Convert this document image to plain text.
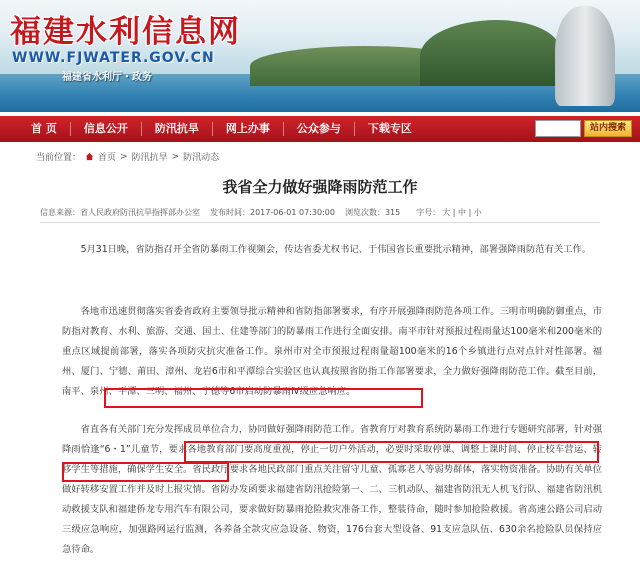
福建水利信息网
WWW.FJWATER.GOV.CN
福建省水利厅・政务
首 页	信息公开	防汛抗旱	网上办事	公众参与	下载专区	站内搜索
当前位置： 首页 > 防汛抗旱 > 防汛动态
我省全力做好强降雨防范工作
信息来源：省人民政府防汛抗旱指挥部办公室 发布时间：2017-06-01 07:30:00 浏览次数：315 字号： 大 | 中 | 小
5月31日晚，省防指召开全省防暴雨工作视频会，传达省委尤权书记、于伟国省长重要批示精神，部署强降雨防范有关工作。
各地市迅速贯彻落实省委省政府主要领导批示精神和省防指部署要求，有序开展强降雨防范各项工作。三明市明确防御重点，市防指对教育、水利、旅游、交通、国土、住建等部门的防暴雨工作进行全面安排。南平市针对预报过程雨量达100毫米和200毫米的重点区域提前部署，落实各项防灾抗灾准备工作。泉州市对全市预报过程雨量超100毫米的16个乡镇进行点对点针对性部署。福州、厦门、宁德、莆田、漳州、龙岩6市和平潭综合实验区也认真按照省防指工作部署要求，全力做好强降雨防范工作。截至目前，南平、泉州、平潭、三明、福州、宁德等6市启动防暴雨Ⅳ级应急响应。
省直各有关部门充分发挥成员单位合力，协同做好强降雨防范工作。省教育厅对教育系统防暴雨工作进行专题研究部署，针对强降雨恰逢“6・1”儿童节，要求各地教育部门要高度重视，停止一切户外活动，必要时采取停课、调整上课时间、停止校车营运、转移学生等措施，确保学生安全。省民政厅要求各地民政部门重点关注留守儿童、孤寡老人等弱势群体，落实物资准备。协助有关单位做好转移安置工作并及时上报灾情。省防办发函要求福建省防汛抢险第一、二、三机动队、福建省防汛无人机飞行队、福建省防汛机动救援支队和福建侨龙专用汽车有限公司，要求做好防暴雨抢险救灾准备工作，整装待命，随时参加抢险救援。省高速公路公司启动三级应急响应，加强路网运行监测，各养备全款灾应急设备、物资，176台套大型设备、91支应急队伍、630余名抢险队员保持应急待命。
